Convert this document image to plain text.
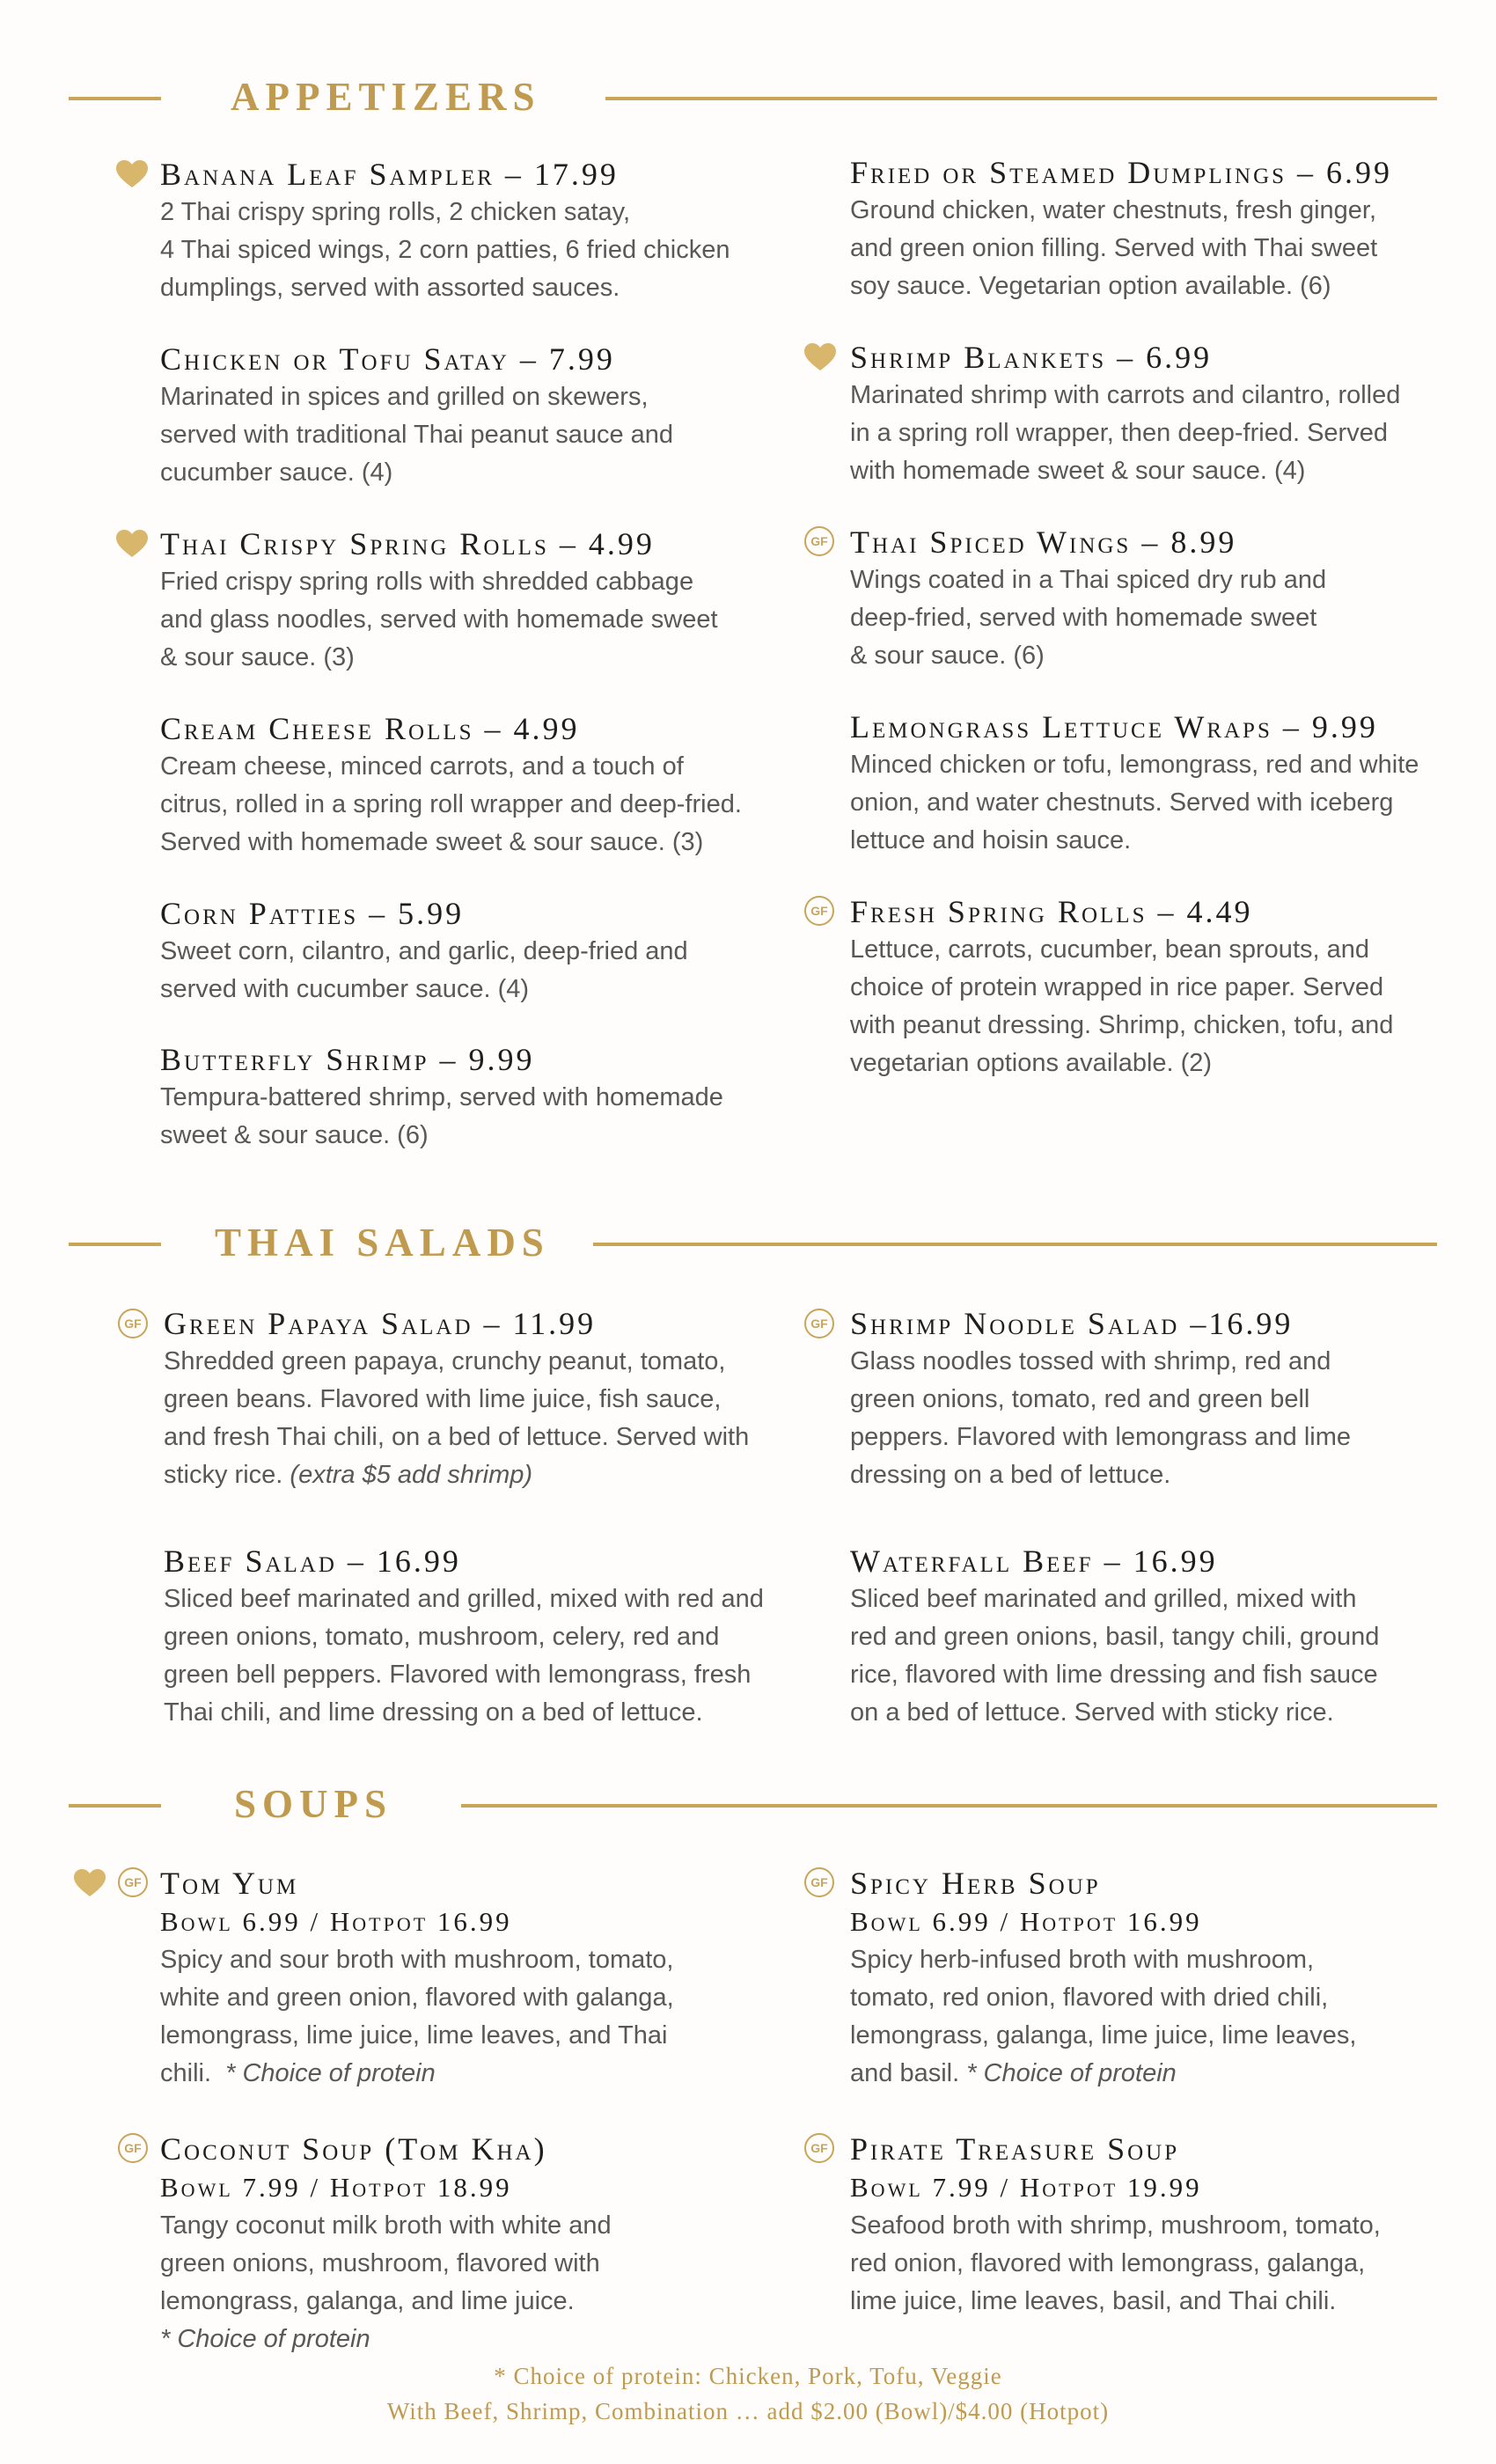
APPETIZERS
Banana Leaf Sampler – 17.99
2 Thai crispy spring rolls, 2 chicken satay,
4 Thai spiced wings, 2 corn patties, 6 fried chicken
dumplings, served with assorted sauces.
Chicken or Tofu Satay – 7.99
Marinated in spices and grilled on skewers,
served with traditional Thai peanut sauce and
cucumber sauce. (4)
Thai Crispy Spring Rolls – 4.99
Fried crispy spring rolls with shredded cabbage
and glass noodles, served with homemade sweet
& sour sauce. (3)
Cream Cheese Rolls – 4.99
Cream cheese, minced carrots, and a touch of
citrus, rolled in a spring roll wrapper and deep-fried.
Served with homemade sweet & sour sauce. (3)
Corn Patties – 5.99
Sweet corn, cilantro, and garlic, deep-fried and
served with cucumber sauce. (4)
Butterfly Shrimp – 9.99
Tempura-battered shrimp, served with homemade
sweet & sour sauce. (6)
Fried or Steamed Dumplings – 6.99
Ground chicken, water chestnuts, fresh ginger,
and green onion filling. Served with Thai sweet
soy sauce. Vegetarian option available. (6)
Shrimp Blankets – 6.99
Marinated shrimp with carrots and cilantro, rolled
in a spring roll wrapper, then deep-fried. Served
with homemade sweet & sour sauce. (4)
Thai Spiced Wings – 8.99
Wings coated in a Thai spiced dry rub and
deep-fried, served with homemade sweet
& sour sauce. (6)
GF
Lemongrass Lettuce Wraps – 9.99
Minced chicken or tofu, lemongrass, red and white
onion, and water chestnuts. Served with iceberg
lettuce and hoisin sauce.
Fresh Spring Rolls – 4.49
Lettuce, carrots, cucumber, bean sprouts, and
choice of protein wrapped in rice paper. Served
with peanut dressing. Shrimp, chicken, tofu, and
vegetarian options available. (2)
GF
THAI SALADS
Green Papaya Salad – 11.99
Shredded green papaya, crunchy peanut, tomato,
green beans. Flavored with lime juice, fish sauce,
and fresh Thai chili, on a bed of lettuce. Served with
sticky rice. (extra $5 add shrimp)
GF
Beef Salad – 16.99
Sliced beef marinated and grilled, mixed with red and
green onions, tomato, mushroom, celery, red and
green bell peppers. Flavored with lemongrass, fresh
Thai chili, and lime dressing on a bed of lettuce.
Shrimp Noodle Salad –16.99
Glass noodles tossed with shrimp, red and
green onions, tomato, red and green bell
peppers. Flavored with lemongrass and lime
dressing on a bed of lettuce.
GF
Waterfall Beef – 16.99
Sliced beef marinated and grilled, mixed with
red and green onions, basil, tangy chili, ground
rice, flavored with lime dressing and fish sauce
on a bed of lettuce. Served with sticky rice.
SOUPS
Tom Yum
Bowl 6.99 / Hotpot 16.99
Spicy and sour broth with mushroom, tomato,
white and green onion, flavored with galanga,
lemongrass, lime juice, lime leaves, and Thai
chili. * Choice of protein
GF
Coconut Soup (Tom Kha)
Bowl 7.99 / Hotpot 18.99
Tangy coconut milk broth with white and
green onions, mushroom, flavored with
lemongrass, galanga, and lime juice.
* Choice of protein
GF
Spicy Herb Soup
Bowl 6.99 / Hotpot 16.99
Spicy herb-infused broth with mushroom,
tomato, red onion, flavored with dried chili,
lemongrass, galanga, lime juice, lime leaves,
and basil. * Choice of protein
GF
Pirate Treasure Soup
Bowl 7.99 / Hotpot 19.99
Seafood broth with shrimp, mushroom, tomato,
red onion, flavored with lemongrass, galanga,
lime juice, lime leaves, basil, and Thai chili.
GF
* Choice of protein: Chicken, Pork, Tofu, Veggie
With Beef, Shrimp, Combination … add $2.00 (Bowl)/$4.00 (Hotpot)
